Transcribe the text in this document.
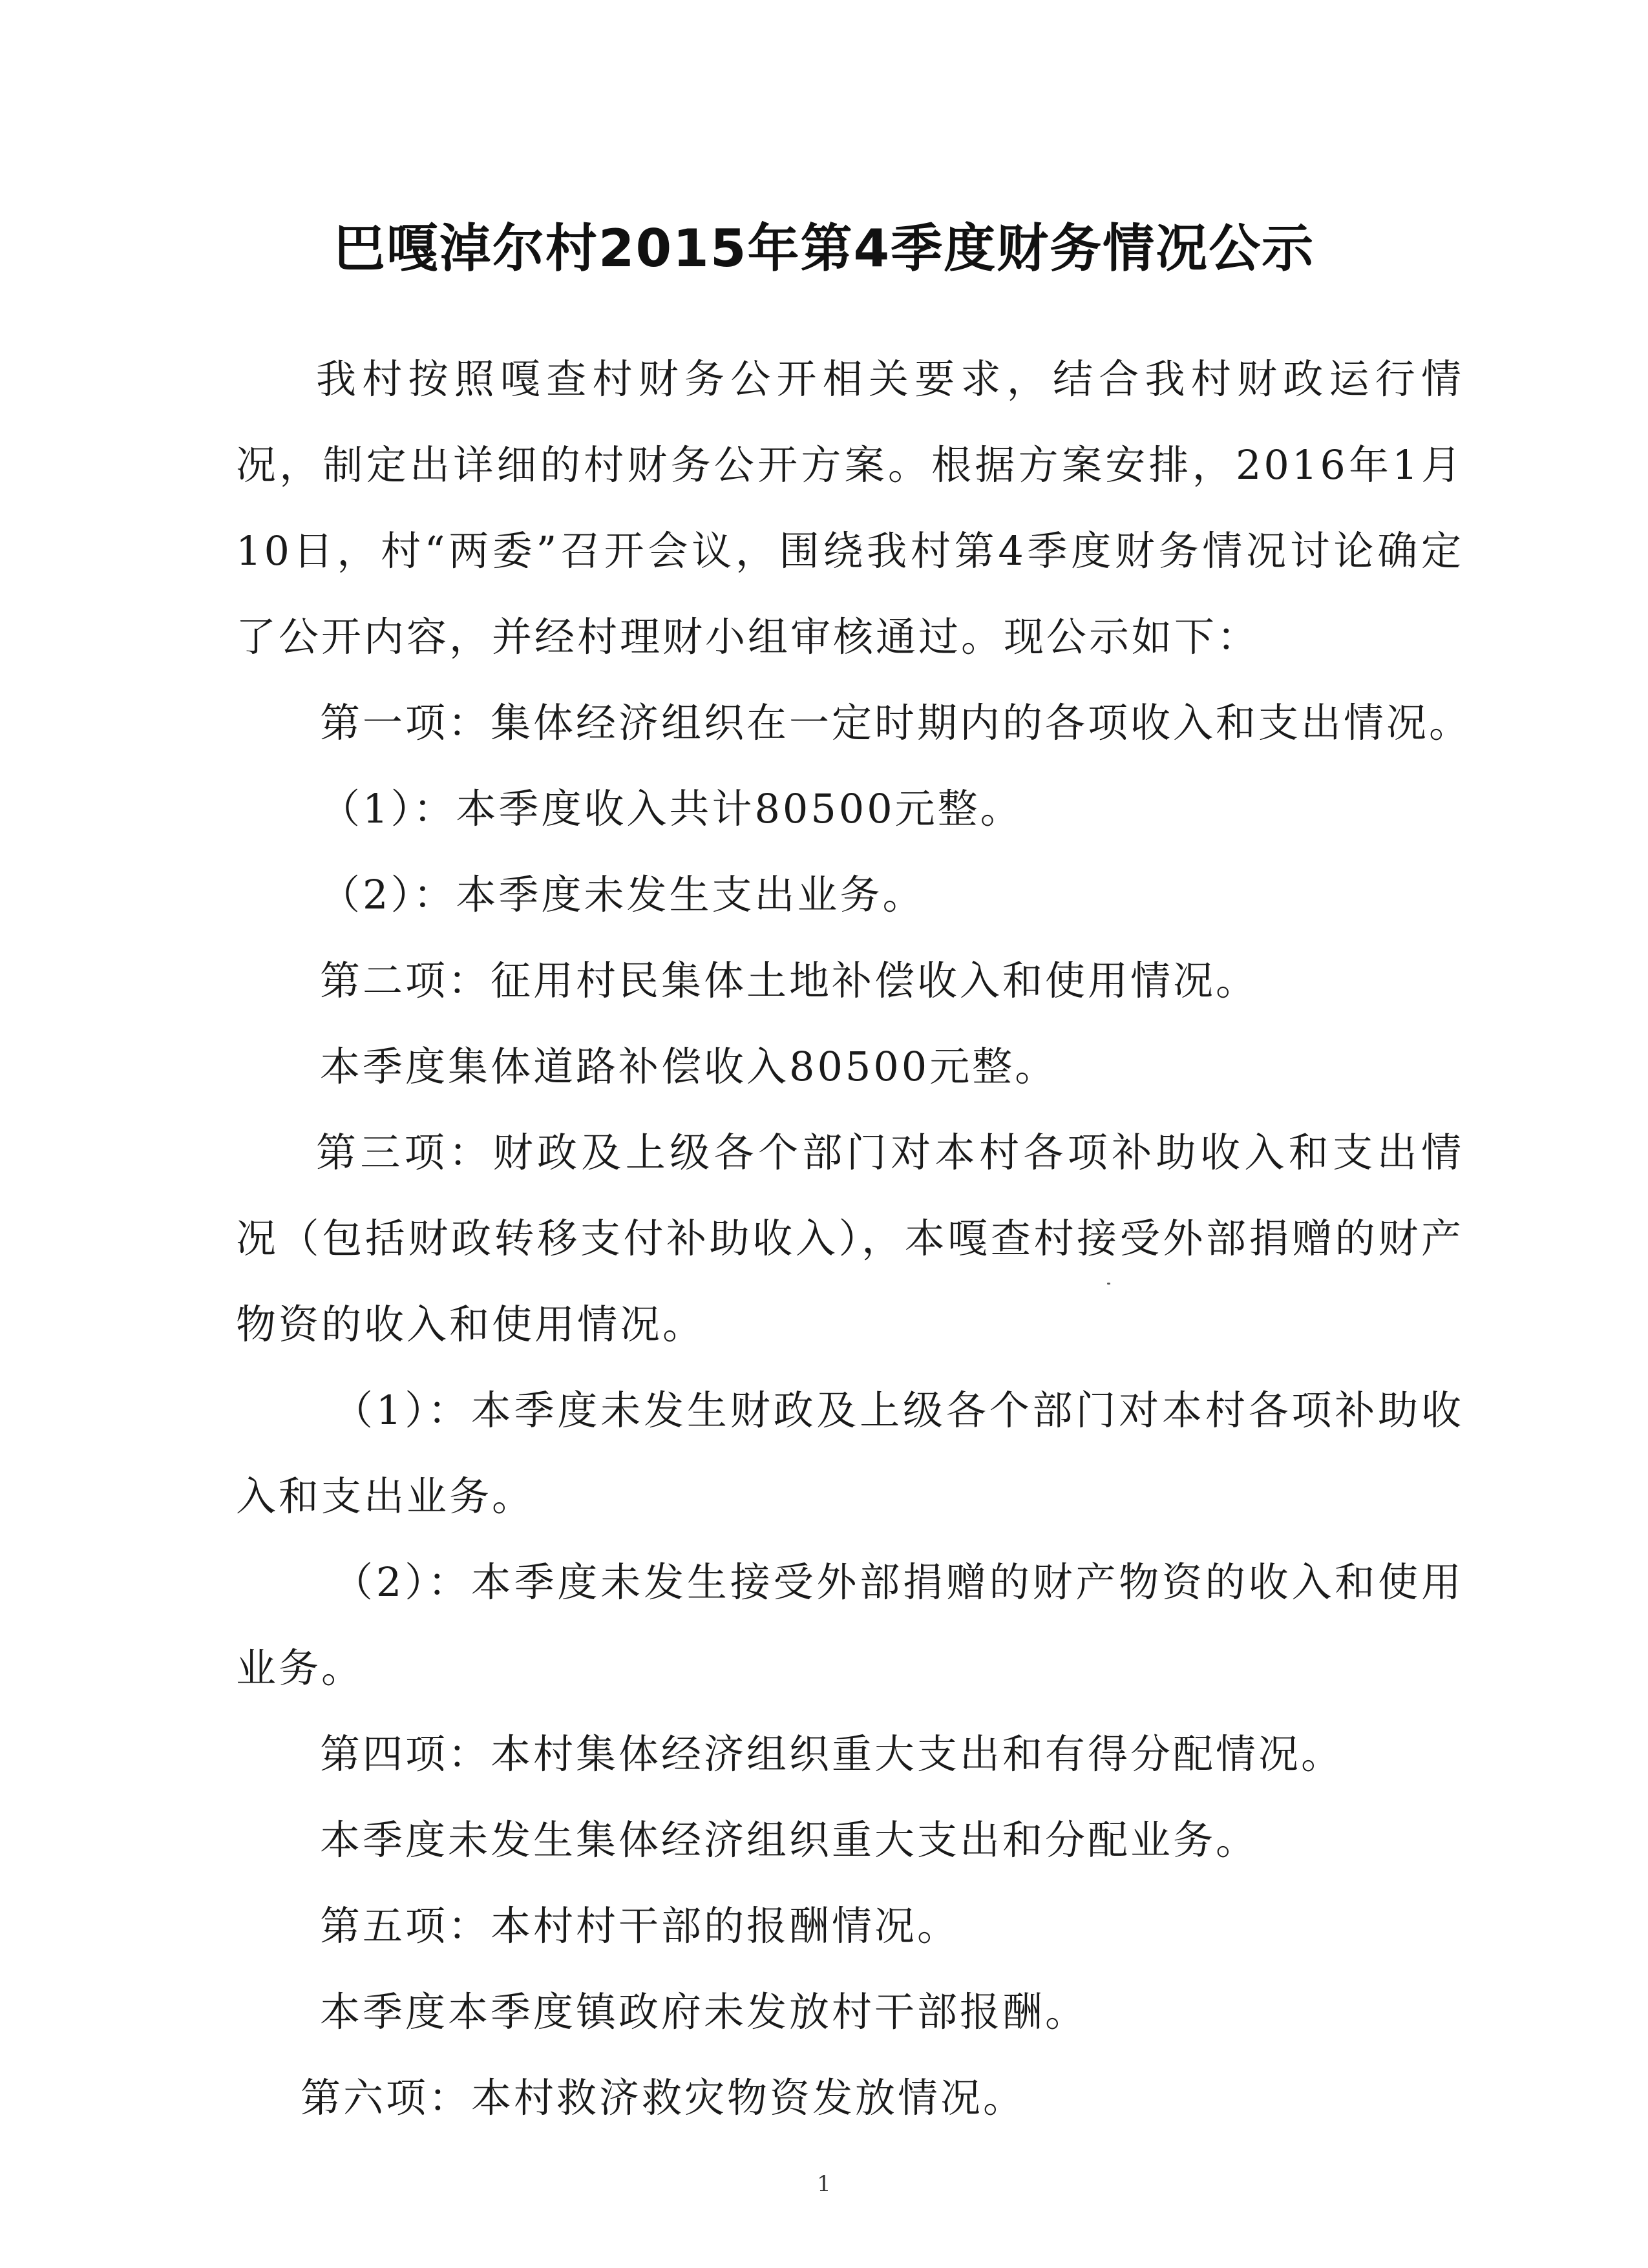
巴嘎淖尔村2015年第4季度财务情况公示

我村按照嘎查村财务公开相关要求，结合我村财政运行情况，制定出详细的村财务公开方案。根据方案安排，2016年1月10日，村“两委”召开会议，围绕我村第4季度财务情况讨论确定了公开内容，并经村理财小组审核通过。现公示如下：

第一项：集体经济组织在一定时期内的各项收入和支出情况。

（1）：本季度收入共计80500元整。

（2）：本季度未发生支出业务。

第二项：征用村民集体土地补偿收入和使用情况。

本季度集体道路补偿收入80500元整。

第三项：财政及上级各个部门对本村各项补助收入和支出情况（包括财政转移支付补助收入），本嘎查村接受外部捐赠的财产物资的收入和使用情况。

（1）：本季度未发生财政及上级各个部门对本村各项补助收入和支出业务。

（2）：本季度未发生接受外部捐赠的财产物资的收入和使用业务。

第四项：本村集体经济组织重大支出和有得分配情况。

本季度未发生集体经济组织重大支出和分配业务。

第五项：本村村干部的报酬情况。

本季度本季度镇政府未发放村干部报酬。

第六项：本村救济救灾物资发放情况。

1
